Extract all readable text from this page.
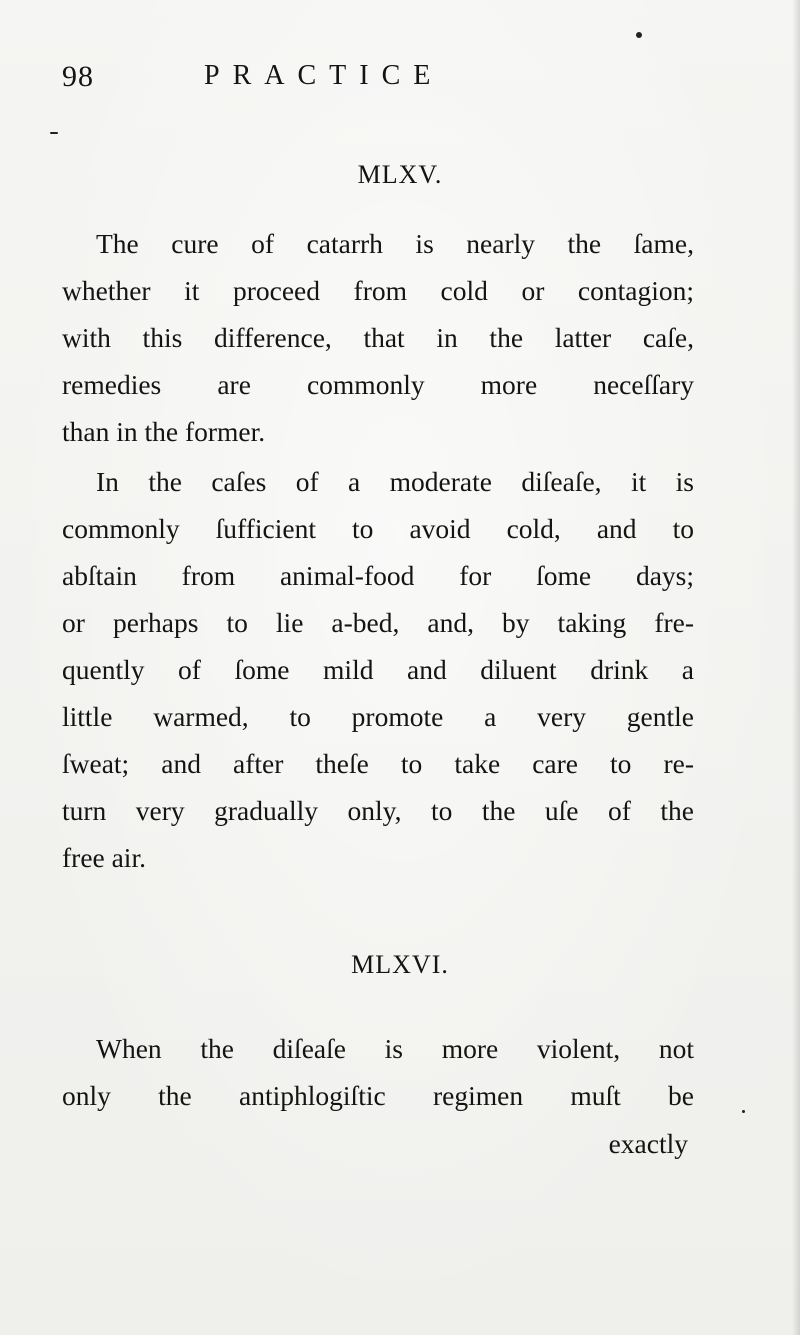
98	PRACTICE
MLXV.

The cure of catarrh is nearly the ſame,
whether it proceed from cold or contagion;
with this difference, that in the latter caſe,
remedies are commonly more neceſſary
than in the former.

In the caſes of a moderate diſeaſe, it is
commonly ſufficient to avoid cold, and to
abſtain from animal-food for ſome days;
or perhaps to lie a-bed, and, by taking fre-
quently of ſome mild and diluent drink a
little warmed, to promote a very gentle
ſweat; and after theſe to take care to re-
turn very gradually only, to the uſe of the
free air.

MLXVI.

When the diſeaſe is more violent, not
only the antiphlogiſtic regimen muſt be

exactly
